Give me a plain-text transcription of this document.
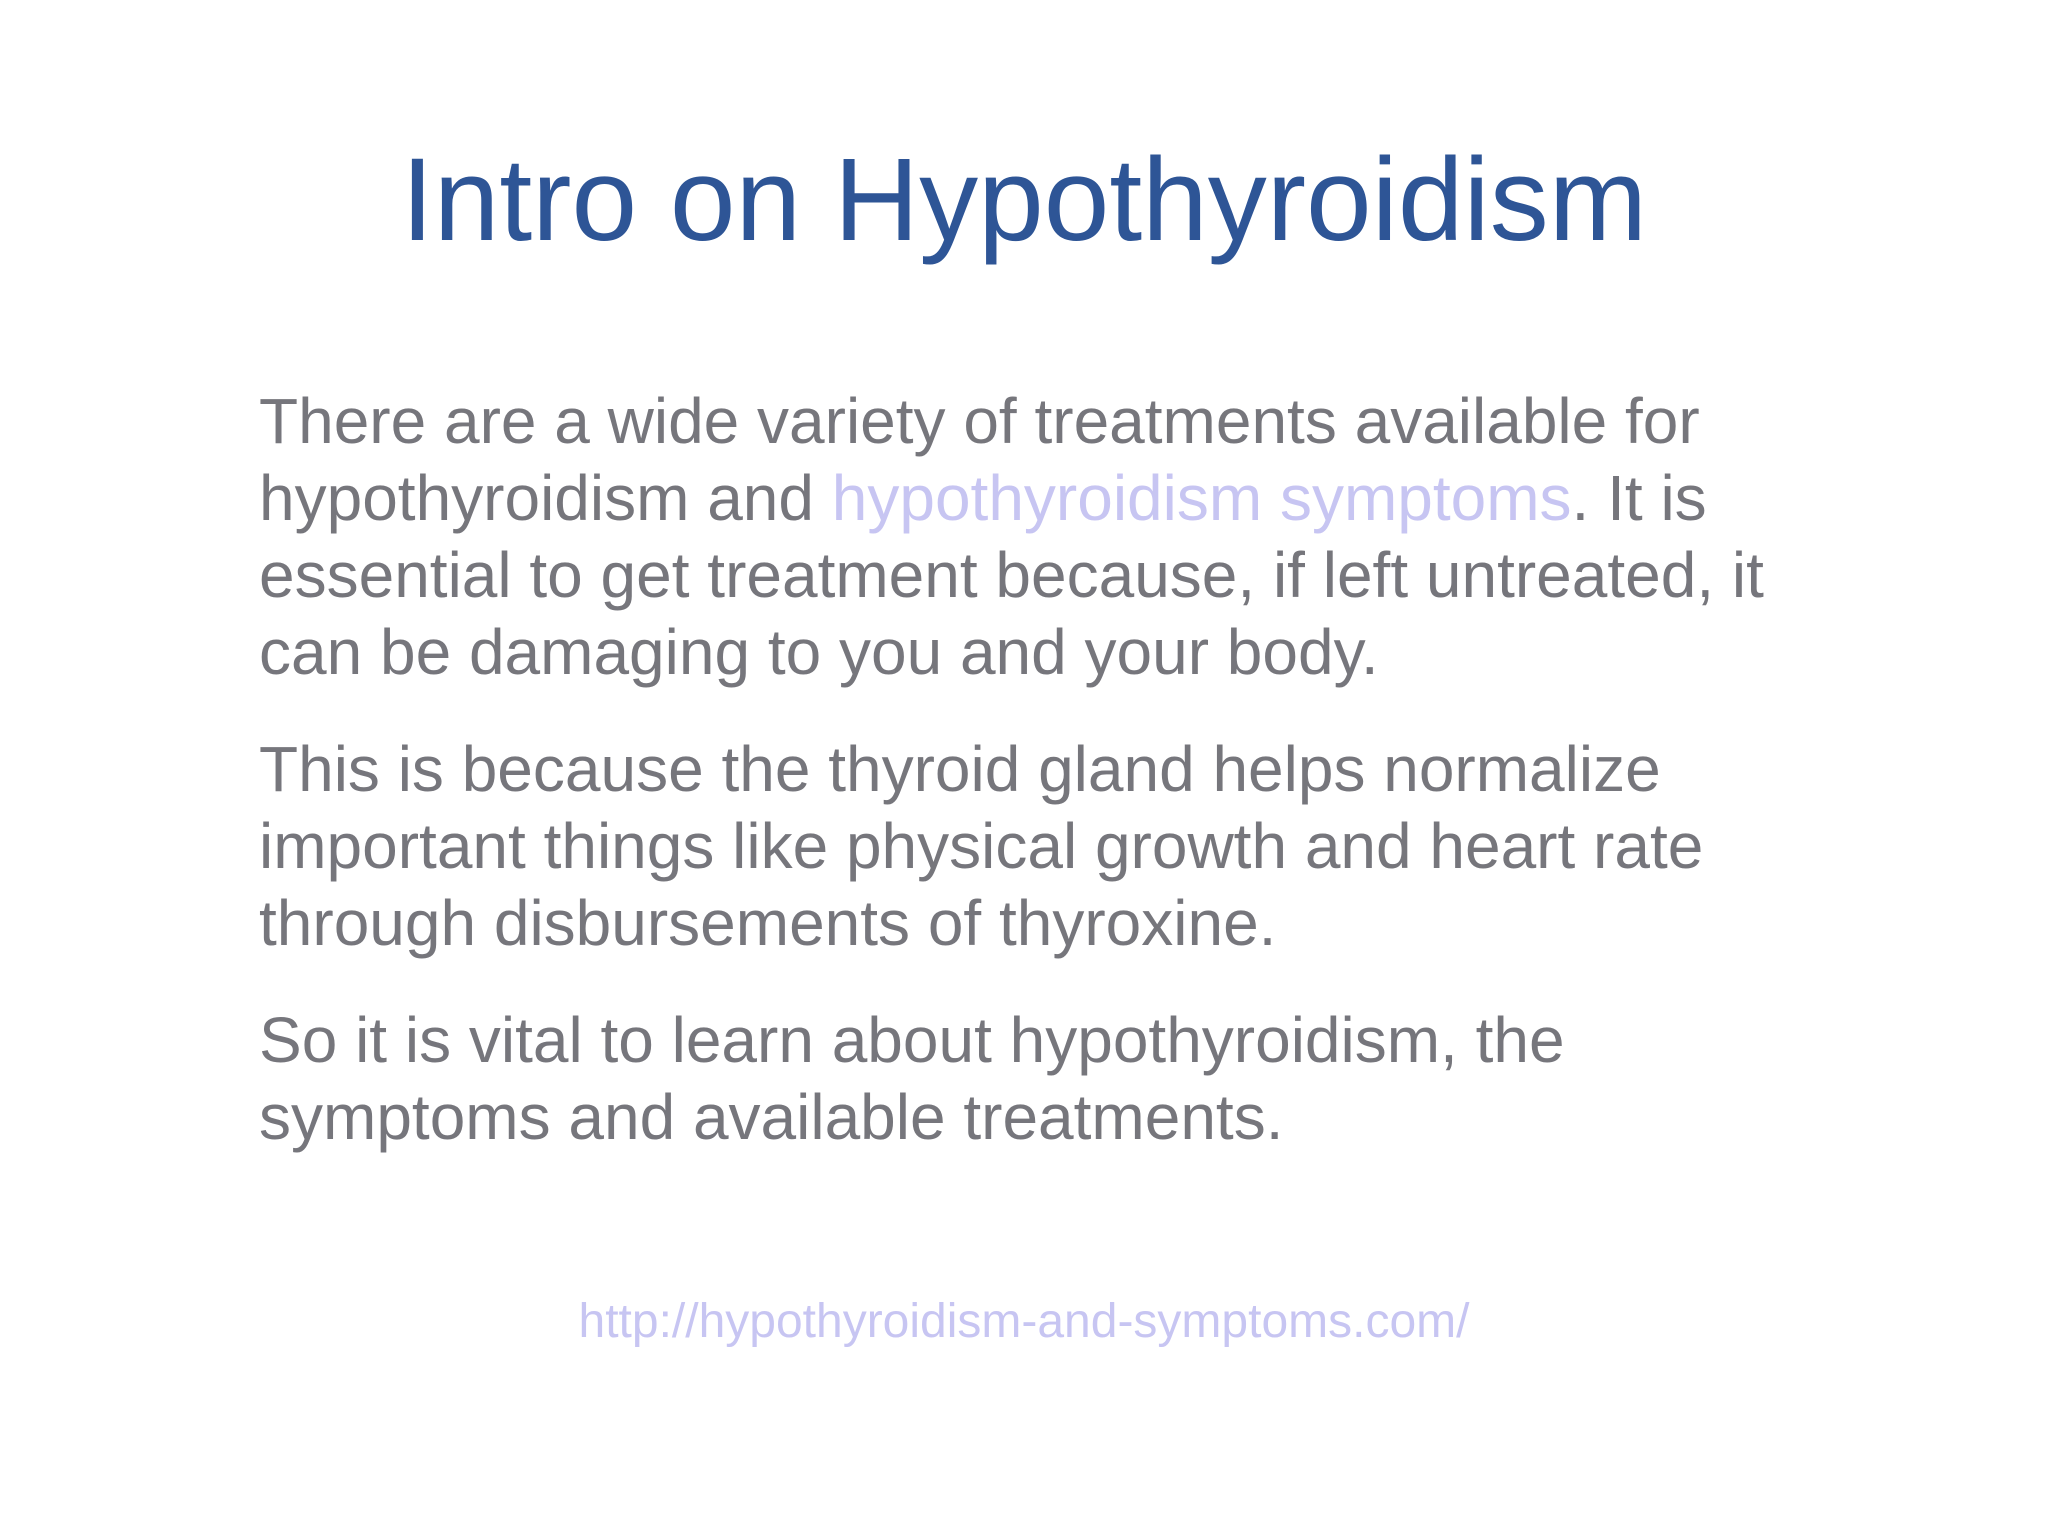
Intro on Hypothyroidism

There are a wide variety of treatments available for hypothyroidism and hypothyroidism symptoms. It is essential to get treatment because, if left untreated, it can be damaging to you and your body.

This is because the thyroid gland helps normalize important things like physical growth and heart rate through disbursements of thyroxine.

So it is vital to learn about hypothyroidism, the symptoms and available treatments.

http://hypothyroidism-and-symptoms.com/
